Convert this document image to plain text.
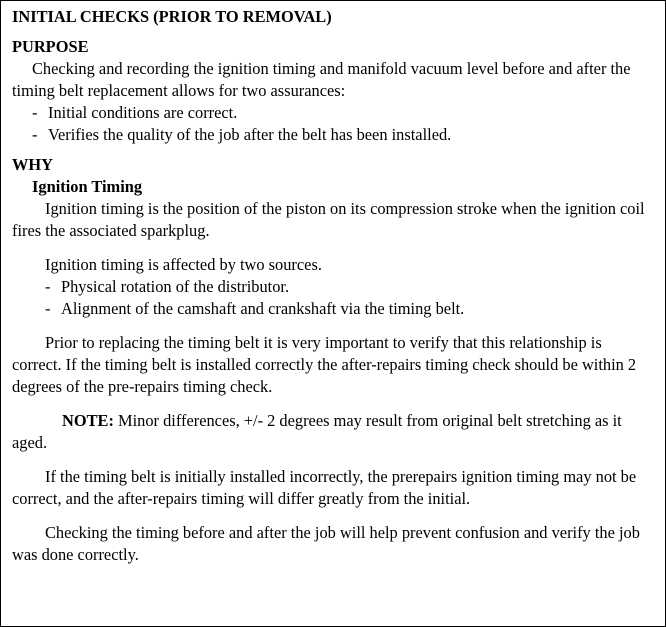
INITIAL CHECKS (PRIOR TO REMOVAL)
PURPOSE

Checking and recording the ignition timing and manifold vacuum level before and after the timing belt replacement allows for two assurances:

- Initial conditions are correct.
- Verifies the quality of the job after the belt has been installed.
WHY
Ignition Timing

Ignition timing is the position of the piston on its compression stroke when the ignition coil fires the associated sparkplug.

Ignition timing is affected by two sources.

- Physical rotation of the distributor.
- Alignment of the camshaft and crankshaft via the timing belt.

Prior to replacing the timing belt it is very important to verify that this relationship is correct. If the timing belt is installed correctly the after-repairs timing check should be within 2 degrees of the pre-repairs timing check.

NOTE: Minor differences, +/- 2 degrees may result from original belt stretching as it aged.

If the timing belt is initially installed incorrectly, the prerepairs ignition timing may not be correct, and the after-repairs timing will differ greatly from the initial.

Checking the timing before and after the job will help prevent confusion and verify the job was done correctly.
